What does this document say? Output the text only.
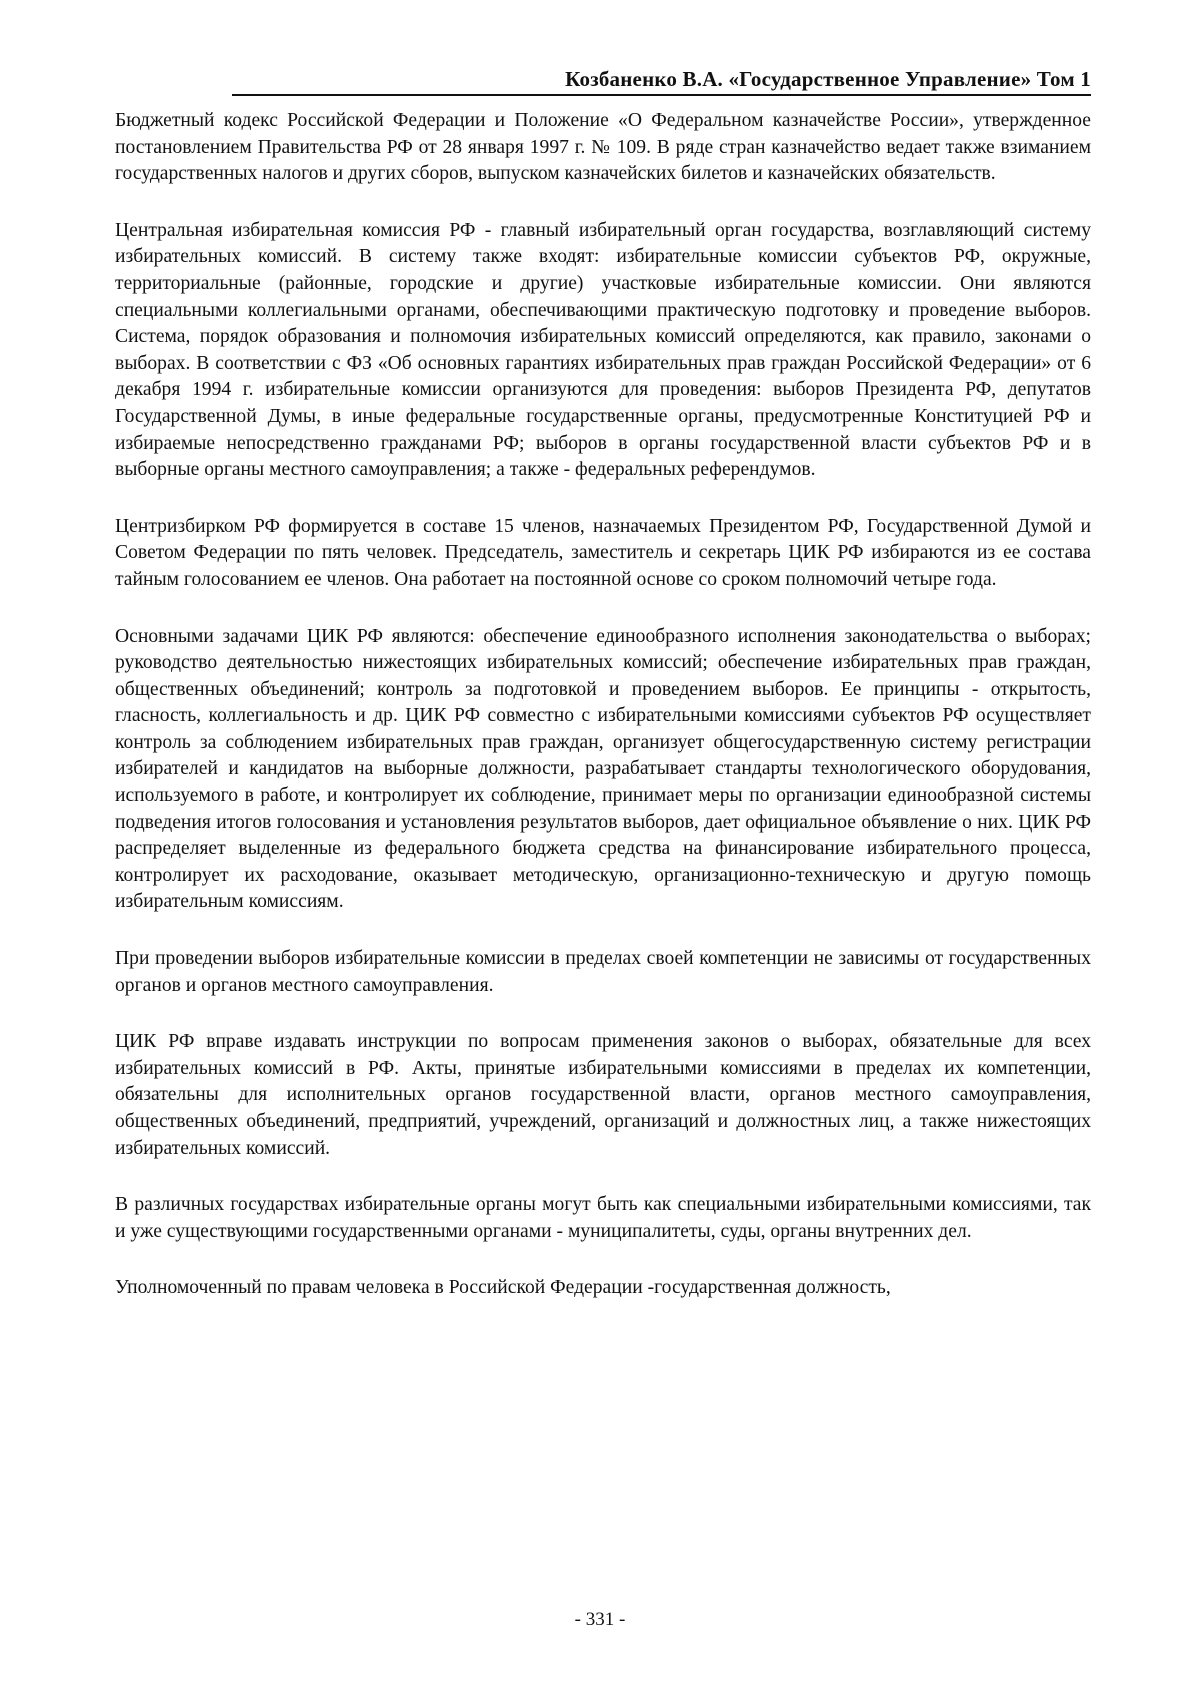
Козбаненко В.А. «Государственное Управление» Том 1

Бюджетный кодекс Российской Федерации и Положение «О Федеральном казначействе России», утвержденное постановлением Правительства РФ от 28 января 1997 г. № 109. В ряде стран казначейство ведает также взиманием государственных налогов и других сборов, выпуском казначейских билетов и казначейских обязательств.

Центральная избирательная комиссия РФ - главный избирательный орган государства, возглавляющий систему избирательных комиссий. В систему также входят: избирательные комиссии субъектов РФ, окружные, территориальные (районные, городские и другие) участковые избирательные комиссии. Они являются специальными коллегиальными органами, обеспечивающими практическую подготовку и проведение выборов. Система, порядок образования и полномочия избирательных комиссий определяются, как правило, законами о выборах. В соответствии с ФЗ «Об основных гарантиях избирательных прав граждан Российской Федерации» от 6 декабря 1994 г. избирательные комиссии организуются для проведения: выборов Президента РФ, депутатов Государственной Думы, в иные федеральные государственные органы, предусмотренные Конституцией РФ и избираемые непосредственно гражданами РФ; выборов в органы государственной власти субъектов РФ и в выборные органы местного самоуправления; а также - федеральных референдумов.

Центризбирком РФ формируется в составе 15 членов, назначаемых Президентом РФ, Государственной Думой и Советом Федерации по пять человек. Председатель, заместитель и секретарь ЦИК РФ избираются из ее состава тайным голосованием ее членов. Она работает на постоянной основе со сроком полномочий четыре года.

Основными задачами ЦИК РФ являются: обеспечение единообразного исполнения законодательства о выборах; руководство деятельностью нижестоящих избирательных комиссий; обеспечение избирательных прав граждан, общественных объединений; контроль за подготовкой и проведением выборов. Ее принципы - открытость, гласность, коллегиальность и др. ЦИК РФ совместно с избирательными комиссиями субъектов РФ осуществляет контроль за соблюдением избирательных прав граждан, организует общегосударственную систему регистрации избирателей и кандидатов на выборные должности, разрабатывает стандарты технологического оборудования, используемого в работе, и контролирует их соблюдение, принимает меры по организации единообразной системы подведения итогов голосования и установления результатов выборов, дает официальное объявление о них. ЦИК РФ распределяет выделенные из федерального бюджета средства на финансирование избирательного процесса, контролирует их расходование, оказывает методическую, организационно-техническую и другую помощь избирательным комиссиям.

При проведении выборов избирательные комиссии в пределах своей компетенции не зависимы от государственных органов и органов местного самоуправления.

ЦИК РФ вправе издавать инструкции по вопросам применения законов о выборах, обязательные для всех избирательных комиссий в РФ. Акты, принятые избирательными комиссиями в пределах их компетенции, обязательны для исполнительных органов государственной власти, органов местного самоуправления, общественных объединений, предприятий, учреждений, организаций и должностных лиц, а также нижестоящих избирательных комиссий.

В различных государствах избирательные органы могут быть как специальными избирательными комиссиями, так и уже существующими государственными органами - муниципалитеты, суды, органы внутренних дел.

Уполномоченный по правам человека в Российской Федерации -государственная должность,

- 331 -
